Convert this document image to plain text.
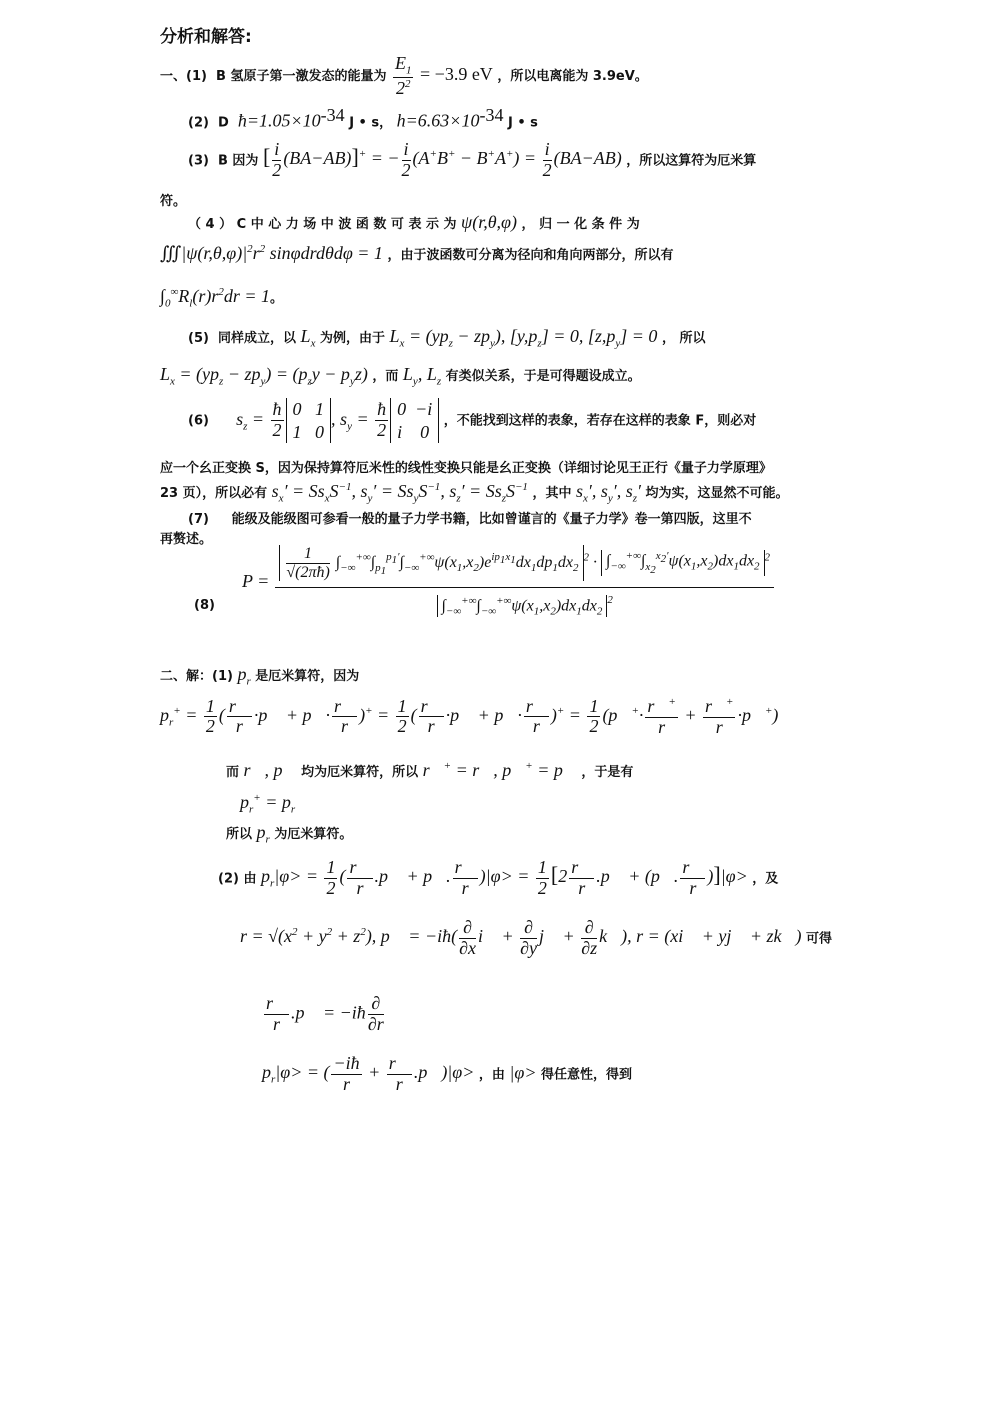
分析和解答:
一、(1) B 氢原子第一激发态的能量为 $\frac{E_1}{2^2} = -3.9$ eV ，所以电离能为 3.9eV。
(2) D $ħ=1.05\times 10^{-34}$ J • s， $h=6.63\times 10^{-34}$ J • s
(3) B 因为 [ $\frac{i}{2} (BA-AB)]^+$ = − $\frac{i}{2} (A^+B^+ - B^+A^+) = \frac{i}{2} (BA-AB)$ ，所以这算符为厄米算
符。
（ 4 ） C 中 心 力 场 中 波 函 数 可 表 示 为 ψ(r,θ,φ) ， 归 一 化 条 件 为
$∭|\psi(r,\theta,\varphi)|^2r^2$ sinφdrdθdφ = 1 ，由于波函数可分离为径向和角向两部分，所以有
$\int_0^\infty R_l(r)r^2dr = 1$。
(5) 同样成立，以 $L_x$ 为例，由于 $L_x = (yp_z - zp_y)$, $[y,p_z] = 0$, $[z,p_y] = 0$ ， 所以
$L_x = (yp_z - zp_y) = (p_zy - p_yz)$ ，而 $L_y$, $L_z$ 有类似关系，于是可得题设成立。
(6) $s_z = \frac{ħ}{2} 0$   1
1   0
, $s_y = \frac{ħ}{2} 0 -i$
i    0
，不能找到这样的表象，若存在这样的表象 F，则必对
应一个幺正变换 S，因为保持算符厄米性的线性变换只能是幺正变换（详细讨论见王正行《量子力学原理》
23 页），所以必有 $s_x' = Ss_xS^{-1}$, $s_y' = Ss_yS^{-1}$, $s_z' = Ss_zS^{-1}$ ，其中 $s_x'$, $s_y'$, $s_z'$ 均为实，这显然不可能。
(7) 能级及能级图可参看一般的量子力学书籍，比如曾谨言的《量子力学》卷一第四版，这里不
再赘述。
(8)
$P = \frac{1}{√(2\pi ħ)} \int_{-\infty}^{+\infty}\int_{p_1}^{p_1'}\int_{-\infty}^{+\infty}\psi(x_1,x_2)e^{ip_1x_1}dx_1dp_1dx_2^2 \cdot \int_{-\infty}^{+\infty}\int_{x_2}^{x_2'}\psi(x_1,x_2)dx_1dx_2^2$
$\int_{-\infty}^{+\infty}\int_{-\infty}^{+\infty}\psi(x_1,x_2)dx_1dx_2^2$
二、解：(1) $p_r$ 是厄米算符，因为
$p_r^+ = \frac{1}{2}$ ( $\frac{r⃗}{r}$ ·p⃗ + p⃗· $\frac{r⃗}{r} )^+ = \frac{1}{2}$ ( $\frac{r⃗}{r}$ ·p⃗ + p⃗· $\frac{r⃗}{r} )^+ = \frac{1}{2}$ (p⃗+· $\frac{r⃗^+}{r} + \frac{r⃗^+}{r}$ ·p⃗+)
而 r⃗, p⃗ 均为厄米算符，所以 r⃗+ = r⃗, p⃗+ = p⃗ ，于是有
$p_r^+ = p_r$
所以 $p_r$ 为厄米算符。
(2) 由 $p_r|\varphi> = \frac{1}{2}$ ( $\frac{r⃗}{r}$ .p⃗ + p⃗. $\frac{r⃗}{r} )|\varphi> = \frac{1}{2} [2 \frac{r⃗}{r}$ .p⃗ + (p⃗. $\frac{r⃗}{r} )]|\varphi>$ ，及
$r = √(x^2 + y^2 + z^2)$, p⃗ = −iħ( $\frac{\partial}{\partial x}$ i⃗ + $\frac{\partial}{\partial y}$ j⃗ + $\frac{\partial}{\partial z}$ k⃗), r = (xi⃗ + yj⃗ + zk⃗) 可得
$\frac{r⃗}{r}$ .p⃗ = −iħ $\frac{\partial}{\partial r}$
$p_r|\varphi>$ = ( $\frac{-iħ}{r} + \frac{r⃗}{r}$ .p⃗)|φ> ，由 |φ> 得任意性，得到
